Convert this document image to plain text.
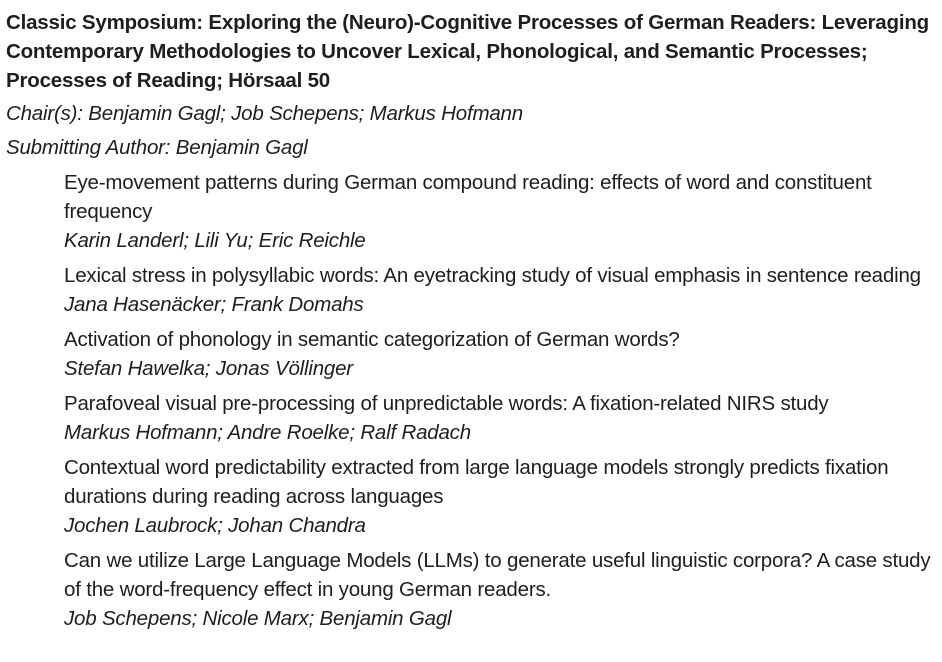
Classic Symposium: Exploring the (Neuro)-Cognitive Processes of German Readers: Leveraging Contemporary Methodologies to Uncover Lexical, Phonological, and Semantic Processes; Processes of Reading; Hörsaal 50
Chair(s): Benjamin Gagl; Job Schepens; Markus Hofmann
Submitting Author: Benjamin Gagl
Eye-movement patterns during German compound reading: effects of word and constituent frequency
Karin Landerl; Lili Yu; Eric Reichle
Lexical stress in polysyllabic words: An eyetracking study of visual emphasis in sentence reading
Jana Hasenäcker; Frank Domahs
Activation of phonology in semantic categorization of German words?
Stefan Hawelka; Jonas Völlinger
Parafoveal visual pre-processing of unpredictable words: A fixation-related NIRS study
Markus Hofmann; Andre Roelke; Ralf Radach
Contextual word predictability extracted from large language models strongly predicts fixation durations during reading across languages
Jochen Laubrock; Johan Chandra
Can we utilize Large Language Models (LLMs) to generate useful linguistic corpora? A case study of the word-frequency effect in young German readers.
Job Schepens; Nicole Marx; Benjamin Gagl
